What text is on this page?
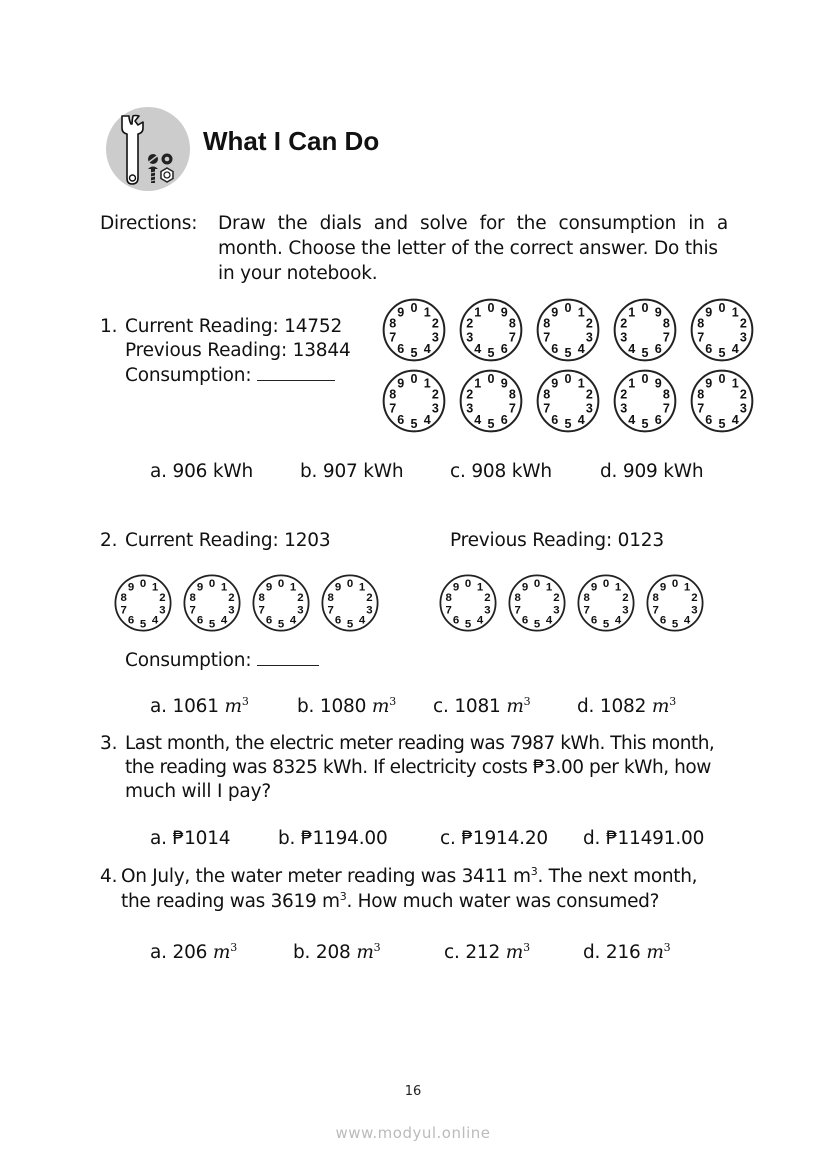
What I Can Do
Directions: Draw the dials and solve for the consumption in a
month. Choose the letter of the correct answer. Do this
in your notebook.
1. Current Reading: 14752
Previous Reading: 13844
Consumption:
0 1
2
3
4
5
6
7
8
9	0
1
2
3
4 5 6
7
8
9	0 1
2
3
4
5
6
7
8
9	0
1
2
3
4 5 6
7
8
9	0 1
2
3
4
5
6
7
8
9
0 1
2
3
4
5
6
7
8
9	0
1
2
3
4 5 6
7
8
9	0 1
2
3
4
5
6
7
8
9	0
1
2
3
4 5 6
7
8
9	0 1
2
3
4
5
6
7
8
9
a. 906 kWh	b. 907 kWh	c. 908 kWh	d. 909 kWh
2. Current Reading: 1203	Previous Reading: 0123
0 1
2
3
4
5
6
7
8
9	0 1
2
3
4
5
6
7
8
9	0 1
2
3
4
5
6
7
8
9	0 1
2
3
4
5
6
7
8
9	0 1
2
3
4
5
6
7
8
9	0 1
2
3
4
5
6
7
8
9	0 1
2
3
4
5
6
7
8
9	0 1
2
3
4
5
6
7
8
9
Consumption:
a. 1061 $m^3$	b. 1080 $m^3$ c. 1081 $m^3$	d. 1082 $m^3$
3. Last month, the electric meter reading was 7987 kWh. This month,
the reading was 8325 kWh. If electricity costs ₱3.00 per kWh, how
much will I pay?
a. ₱1014	b. ₱1194.00	c. ₱1914.20 d. ₱11491.00
4. On July, the water meter reading was 3411 $m^3$. The next month,
the reading was 3619 $m^3$. How much water was consumed?
a. 206 $m^3$	b. 208 $m^3$	c. 212 $m^3$	d. 216 $m^3$
16
www.modyul.online
